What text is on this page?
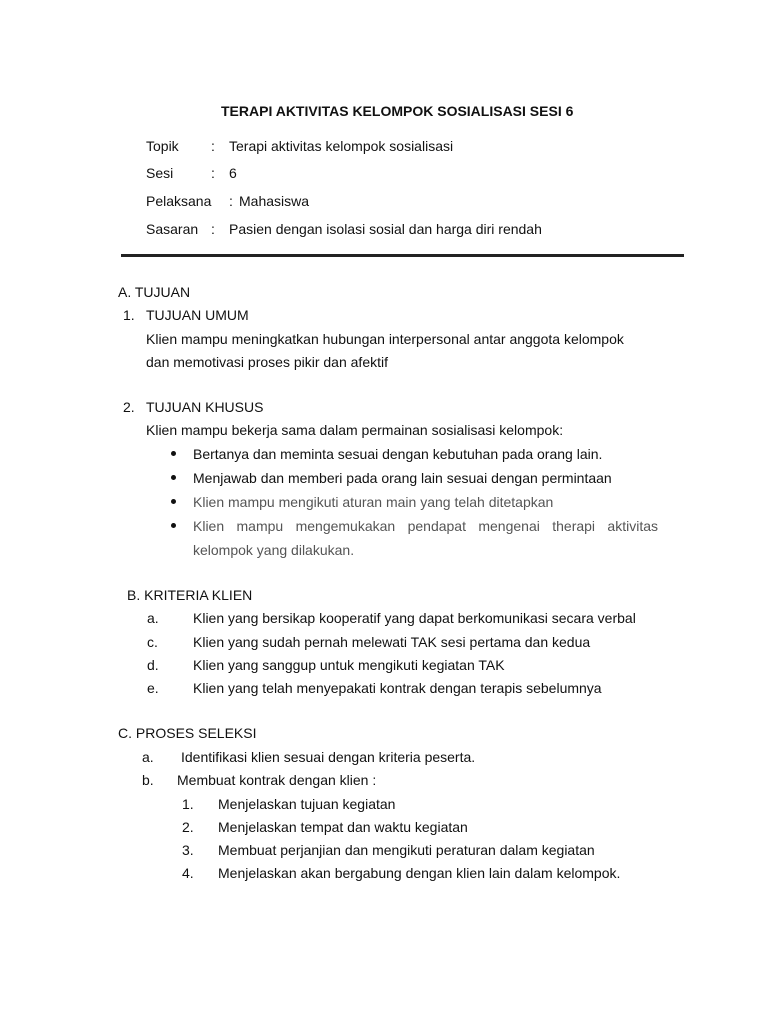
TERAPI AKTIVITAS KELOMPOK SOSIALISASI SESI 6
Topik : Terapi aktivitas kelompok sosialisasi
Sesi	: 6
Pelaksana : Mahasiswa
Sasaran : Pasien dengan isolasi sosial dan harga diri rendah
A. TUJUAN
1. TUJUAN UMUM
Klien mampu meningkatkan hubungan interpersonal antar anggota kelompok
dan memotivasi proses pikir dan afektif
2. TUJUAN KHUSUS
Klien mampu bekerja sama dalam permainan sosialisasi kelompok:
Bertanya dan meminta sesuai dengan kebutuhan pada orang lain.
Menjawab dan memberi pada orang lain sesuai dengan permintaan
Klien mampu mengikuti aturan main yang telah ditetapkan
Klien mampu mengemukakan pendapat mengenai therapi aktivitas
kelompok yang dilakukan.
B. KRITERIA KLIEN
a. Klien yang bersikap kooperatif yang dapat berkomunikasi secara verbal
c.	Klien yang sudah pernah melewati TAK sesi pertama dan kedua
d. Klien yang sanggup untuk mengikuti kegiatan TAK
e. Klien yang telah menyepakati kontrak dengan terapis sebelumnya
C. PROSES SELEKSI
a. Identifikasi klien sesuai dengan kriteria peserta.
b. Membuat kontrak dengan klien :
1. Menjelaskan tujuan kegiatan
2. Menjelaskan tempat dan waktu kegiatan
3. Membuat perjanjian dan mengikuti peraturan dalam kegiatan
4. Menjelaskan akan bergabung dengan klien lain dalam kelompok.
